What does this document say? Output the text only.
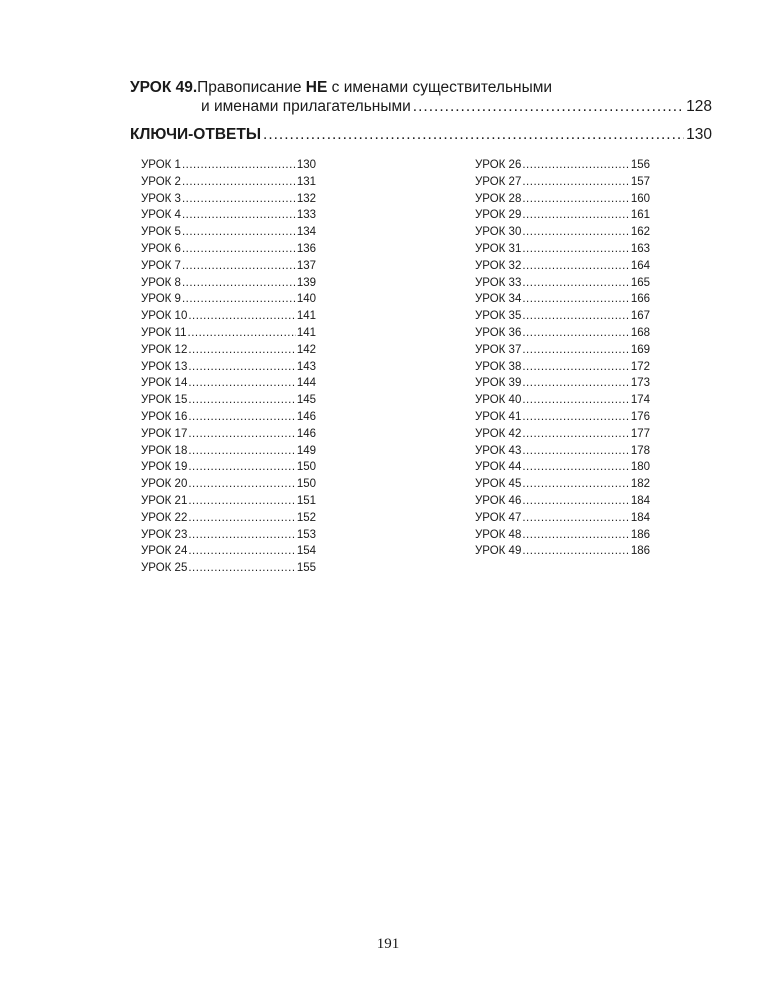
УРОК 49.Правописание НЕ с именами существительными
и именами прилагательными .....	128
КЛЮЧИ-ОТВЕТЫ .....	130
УРОК 1 .....	130
УРОК 2 .....	131
УРОК 3 .....	132
УРОК 4 .....	133
УРОК 5 .....	134
УРОК 6 .....	136
УРОК 7 .....	137
УРОК 8 .....	139
УРОК 9 .....	140
УРОК 10 .....	141
УРОК 11 .....	141
УРОК 12 .....	142
УРОК 13 .....	143
УРОК 14 .....	144
УРОК 15 .....	145
УРОК 16 .....	146
УРОК 17 .....	146
УРОК 18 .....	149
УРОК 19 .....	150
УРОК 20 .....	150
УРОК 21 .....	151
УРОК 22 .....	152
УРОК 23 .....	153
УРОК 24 .....	154
УРОК 25 .....	155
УРОК 26 .....	156
УРОК 27 .....	157
УРОК 28 .....	160
УРОК 29 .....	161
УРОК 30 .....	162
УРОК 31 .....	163
УРОК 32 .....	164
УРОК 33 .....	165
УРОК 34 .....	166
УРОК 35 .....	167
УРОК 36 .....	168
УРОК 37 .....	169
УРОК 38 .....	172
УРОК 39 .....	173
УРОК 40 .....	174
УРОК 41 .....	176
УРОК 42 .....	177
УРОК 43 .....	178
УРОК 44 .....	180
УРОК 45 .....	182
УРОК 46 .....	184
УРОК 47 .....	184
УРОК 48 .....	186
УРОК 49 .....	186
191
